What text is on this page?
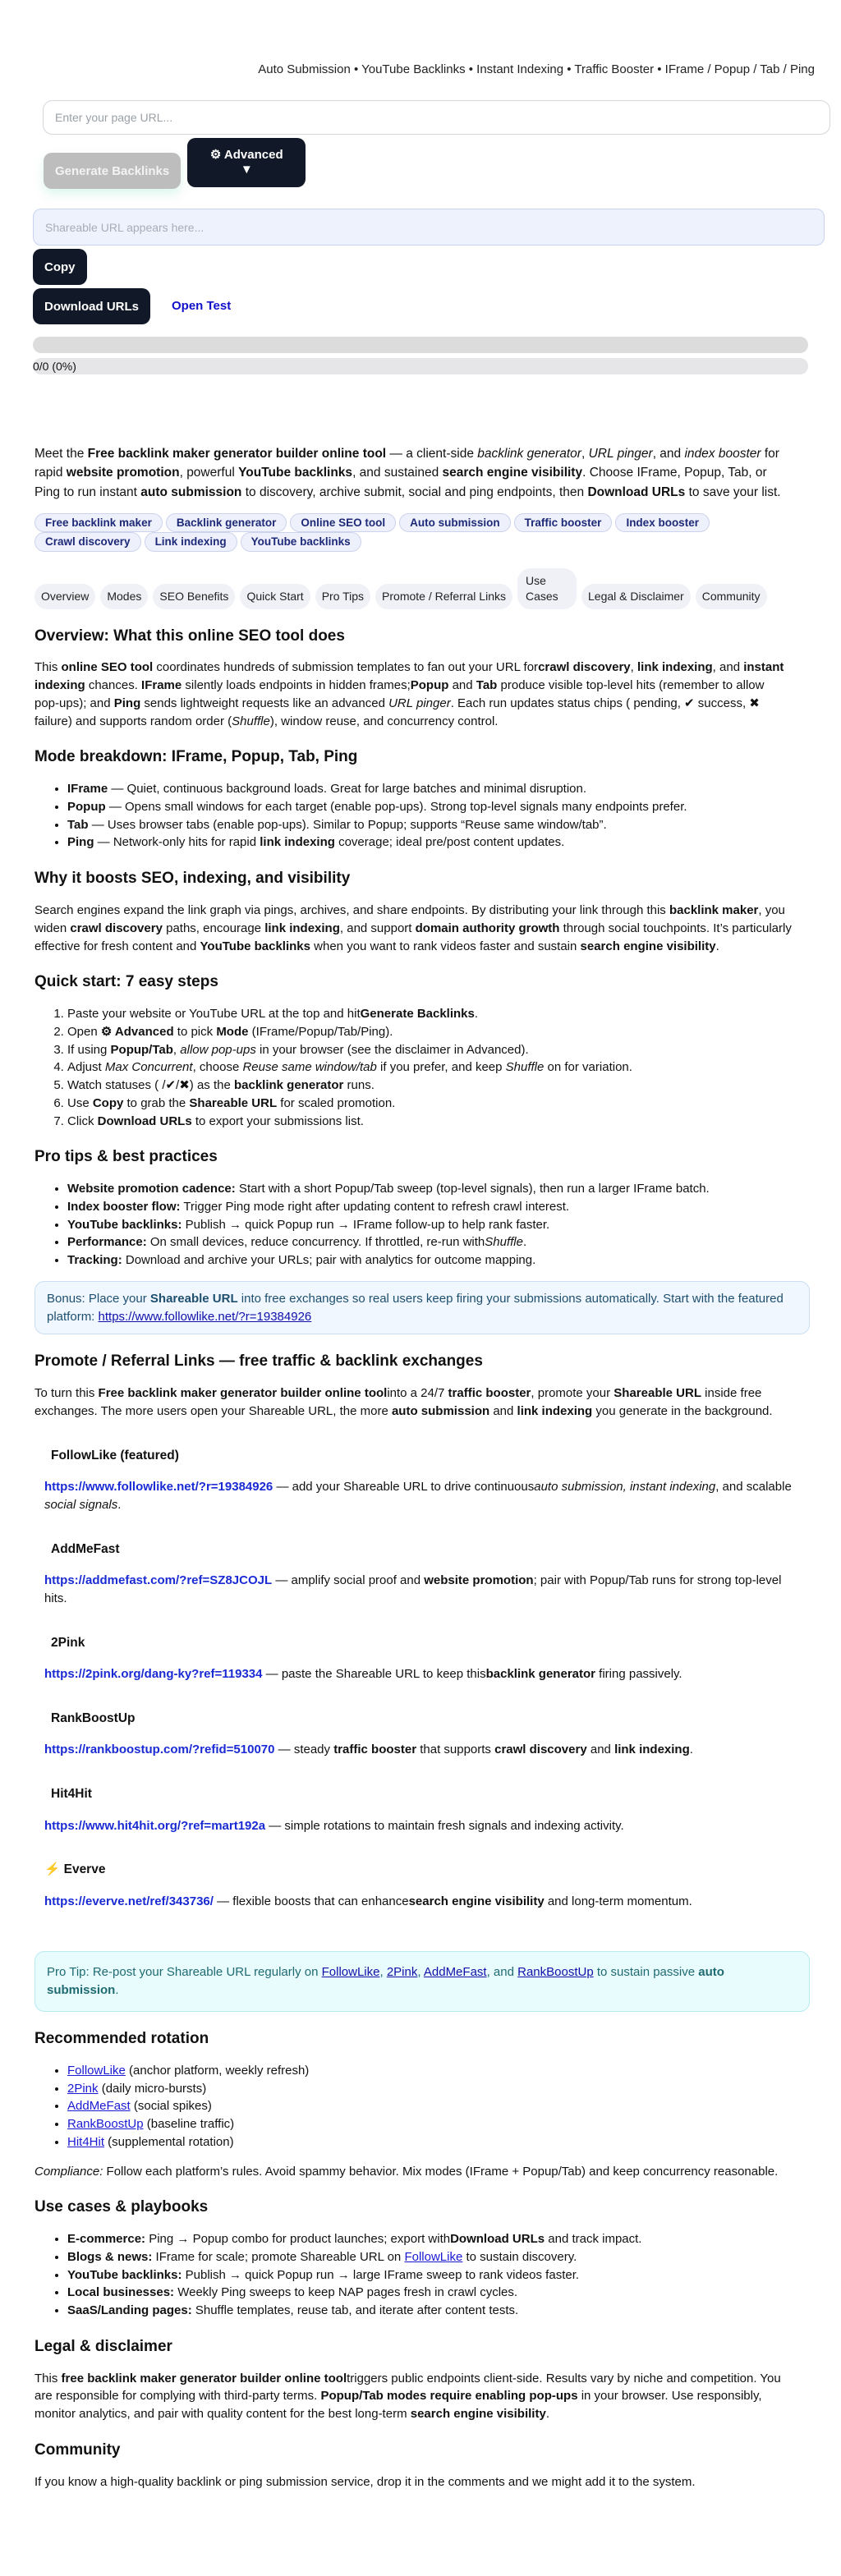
Auto Submission • YouTube Backlinks • Instant Indexing • Traffic Booster • IFrame / Popup / Tab / Ping
Enter your page URL...
Generate Backlinks
⚙ Advanced
▼
Shareable URL appears here... Copy
Download URLs	Open Test
0/0 (0%)

Meet the Free backlink maker generator builder online tool — a client-side backlink generator, URL pinger, and index booster for rapid website promotion, powerful YouTube backlinks, and sustained search engine visibility. Choose IFrame, Popup, Tab, or Ping to run instant auto submission to discovery, archive submit, social and ping endpoints, then Download URLs to save your list.

Free backlink maker	Backlink generator	Online SEO tool	Auto submission	Traffic booster	Index booster
Crawl discovery	Link indexing	YouTube backlinks
Overview	Modes	SEO Benefits	Quick Start	Pro Tips	Promote / Referral Links
Use Cases	Legal & Disclaimer	Community
Overview: What this online SEO tool does

This online SEO tool coordinates hundreds of submission templates to fan out your URL forcrawl discovery, link indexing, and instant indexing chances. IFrame silently loads endpoints in hidden frames;Popup and Tab produce visible top-level hits (remember to allow pop-ups); and Ping sends lightweight requests like an advanced URL pinger. Each run updates status chips ( pending, ✔ success, ✖ failure) and supports random order (Shuffle), window reuse, and concurrency control.

Mode breakdown: IFrame, Popup, Tab, Ping
• IFrame — Quiet, continuous background loads. Great for large batches and minimal disruption.
• Popup — Opens small windows for each target (enable pop-ups). Strong top-level signals many endpoints prefer.
• Tab — Uses browser tabs (enable pop-ups). Similar to Popup; supports “Reuse same window/tab”.
• Ping — Network-only hits for rapid link indexing coverage; ideal pre/post content updates.
Why it boosts SEO, indexing, and visibility

Search engines expand the link graph via pings, archives, and share endpoints. By distributing your link through this backlink maker, you widen crawl discovery paths, encourage link indexing, and support domain authority growth through social touchpoints. It’s particularly effective for fresh content and YouTube backlinks when you want to rank videos faster and sustain search engine visibility.

Quick start: 7 easy steps
1. Paste your website or YouTube URL at the top and hitGenerate Backlinks.
2. Open ⚙ Advanced to pick Mode (IFrame/Popup/Tab/Ping).
3. If using Popup/Tab, allow pop-ups in your browser (see the disclaimer in Advanced).
4. Adjust Max Concurrent, choose Reuse same window/tab if you prefer, and keep Shuffle on for variation.
5. Watch statuses ( /✔/✖) as the backlink generator runs.
6. Use Copy to grab the Shareable URL for scaled promotion.
7. Click Download URLs to export your submissions list.
Pro tips & best practices
• Website promotion cadence: Start with a short Popup/Tab sweep (top-level signals), then run a larger IFrame batch.
• Index booster flow: Trigger Ping mode right after updating content to refresh crawl interest.
• YouTube backlinks: Publish → quick Popup run → IFrame follow-up to help rank faster.
• Performance: On small devices, reduce concurrency. If throttled, re-run withShuffle.
• Tracking: Download and archive your URLs; pair with analytics for outcome mapping.
Bonus: Place your Shareable URL into free exchanges so real users keep firing your submissions automatically. Start with the featured platform: https://www.followlike.net/?r=19384926
Promote / Referral Links — free traffic & backlink exchanges

To turn this Free backlink maker generator builder online toolinto a 24/7 traffic booster, promote your Shareable URL inside free exchanges. The more users open your Shareable URL, the more auto submission and link indexing you generate in the background.

FollowLike (featured)

https://www.followlike.net/?r=19384926 — add your Shareable URL to drive continuousauto submission, instant indexing, and scalable social signals.

AddMeFast

https://addmefast.com/?ref=SZ8JCOJL — amplify social proof and website promotion; pair with Popup/Tab runs for strong top-level hits.

2Pink

https://2pink.org/dang-ky?ref=119334 — paste the Shareable URL to keep thisbacklink generator firing passively.

RankBoostUp

https://rankboostup.com/?refid=510070 — steady traffic booster that supports crawl discovery and link indexing.

Hit4Hit

https://www.hit4hit.org/?ref=mart192a — simple rotations to maintain fresh signals and indexing activity.

⚡ Everve

https://everve.net/ref/343736/ — flexible boosts that can enhancesearch engine visibility and long-term momentum.

Pro Tip: Re-post your Shareable URL regularly on FollowLike, 2Pink, AddMeFast, and RankBoostUp to sustain passive auto submission.
Recommended rotation
• FollowLike (anchor platform, weekly refresh)
• 2Pink (daily micro-bursts)
• AddMeFast (social spikes)
• RankBoostUp (baseline traffic)
• Hit4Hit (supplemental rotation)

Compliance: Follow each platform’s rules. Avoid spammy behavior. Mix modes (IFrame + Popup/Tab) and keep concurrency reasonable.

Use cases & playbooks
• E-commerce: Ping → Popup combo for product launches; export withDownload URLs and track impact.
• Blogs & news: IFrame for scale; promote Shareable URL on FollowLike to sustain discovery.
• YouTube backlinks: Publish → quick Popup run → large IFrame sweep to rank videos faster.
• Local businesses: Weekly Ping sweeps to keep NAP pages fresh in crawl cycles.
• SaaS/Landing pages: Shuffle templates, reuse tab, and iterate after content tests.
Legal & disclaimer

This free backlink maker generator builder online tooltriggers public endpoints client-side. Results vary by niche and competition. You are responsible for complying with third-party terms. Popup/Tab modes require enabling pop-ups in your browser. Use responsibly, monitor analytics, and pair with quality content for the best long-term search engine visibility.

Community

If you know a high-quality backlink or ping submission service, drop it in the comments and we might add it to the system.
